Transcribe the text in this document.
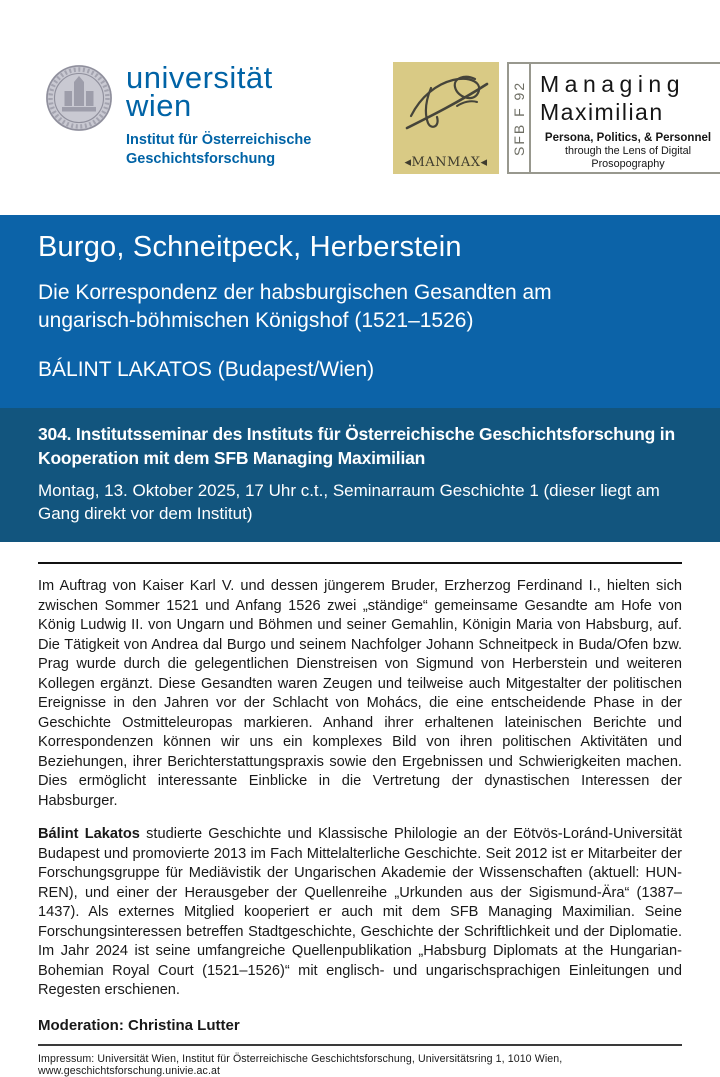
universität
wien
Institut für Österreichische
Geschichtsforschung	◂MANMAX◂
SFB F 92 Managing
Maximilian
Persona, Politics, & Personnel
through the Lens of Digital Prosopography
Burgo, Schneitpeck, Herberstein

Die Korrespondenz der habsburgischen Gesandten am ungarisch-böhmischen Königshof (1521–1526)

BÁLINT LAKATOS (Budapest/Wien)

304. Institutsseminar des Instituts für Österreichische Geschichtsforschung in Kooperation mit dem SFB Managing Maximilian

Montag, 13. Oktober 2025, 17 Uhr c.t., Seminarraum Geschichte 1 (dieser liegt am Gang direkt vor dem Institut)

Im Auftrag von Kaiser Karl V. und dessen jüngerem Bruder, Erzherzog Ferdinand I., hielten sich zwischen Sommer 1521 und Anfang 1526 zwei „ständige“ gemeinsame Gesandte am Hofe von König Ludwig II. von Ungarn und Böhmen und seiner Gemahlin, Königin Maria von Habsburg, auf. Die Tätigkeit von Andrea dal Burgo und seinem Nachfolger Johann Schneitpeck in Buda/Ofen bzw. Prag wurde durch die gelegentlichen Dienstreisen von Sigmund von Herberstein und weiteren Kollegen ergänzt. Diese Gesandten waren Zeugen und teilweise auch Mitgestalter der politischen Ereignisse in den Jahren vor der Schlacht von Mohács, die eine entscheidende Phase in der Geschichte Ostmitteleuropas markieren. Anhand ihrer erhaltenen lateinischen Berichte und Korrespondenzen können wir uns ein komplexes Bild von ihren politischen Aktivitäten und Beziehungen, ihrer Berichterstattungspraxis sowie den Ergebnissen und Schwierigkeiten machen. Dies ermöglicht interessante Einblicke in die Vertretung der dynastischen Interessen der Habsburger.

Bálint Lakatos studierte Geschichte und Klassische Philologie an der Eötvös-Loránd-Universität Budapest und promovierte 2013 im Fach Mittelalterliche Geschichte. Seit 2012 ist er Mitarbeiter der Forschungsgruppe für Mediävistik der Ungarischen Akademie der Wissenschaften (aktuell: HUN-REN), und einer der Herausgeber der Quellenreihe „Urkunden aus der Sigismund-Ära“ (1387–1437). Als externes Mitglied kooperiert er auch mit dem SFB Managing Maximilian. Seine Forschungsinteressen betreffen Stadtgeschichte, Geschichte der Schriftlichkeit und der Diplomatie. Im Jahr 2024 ist seine umfangreiche Quellenpublikation „Habsburg Diplomats at the Hungarian-Bohemian Royal Court (1521–1526)“ mit englisch- und ungarischsprachigen Einleitungen und Regesten erschienen.

Moderation: Christina Lutter

Impressum: Universität Wien, Institut für Österreichische Geschichtsforschung, Universitätsring 1, 1010 Wien, www.geschichtsforschung.univie.ac.at
